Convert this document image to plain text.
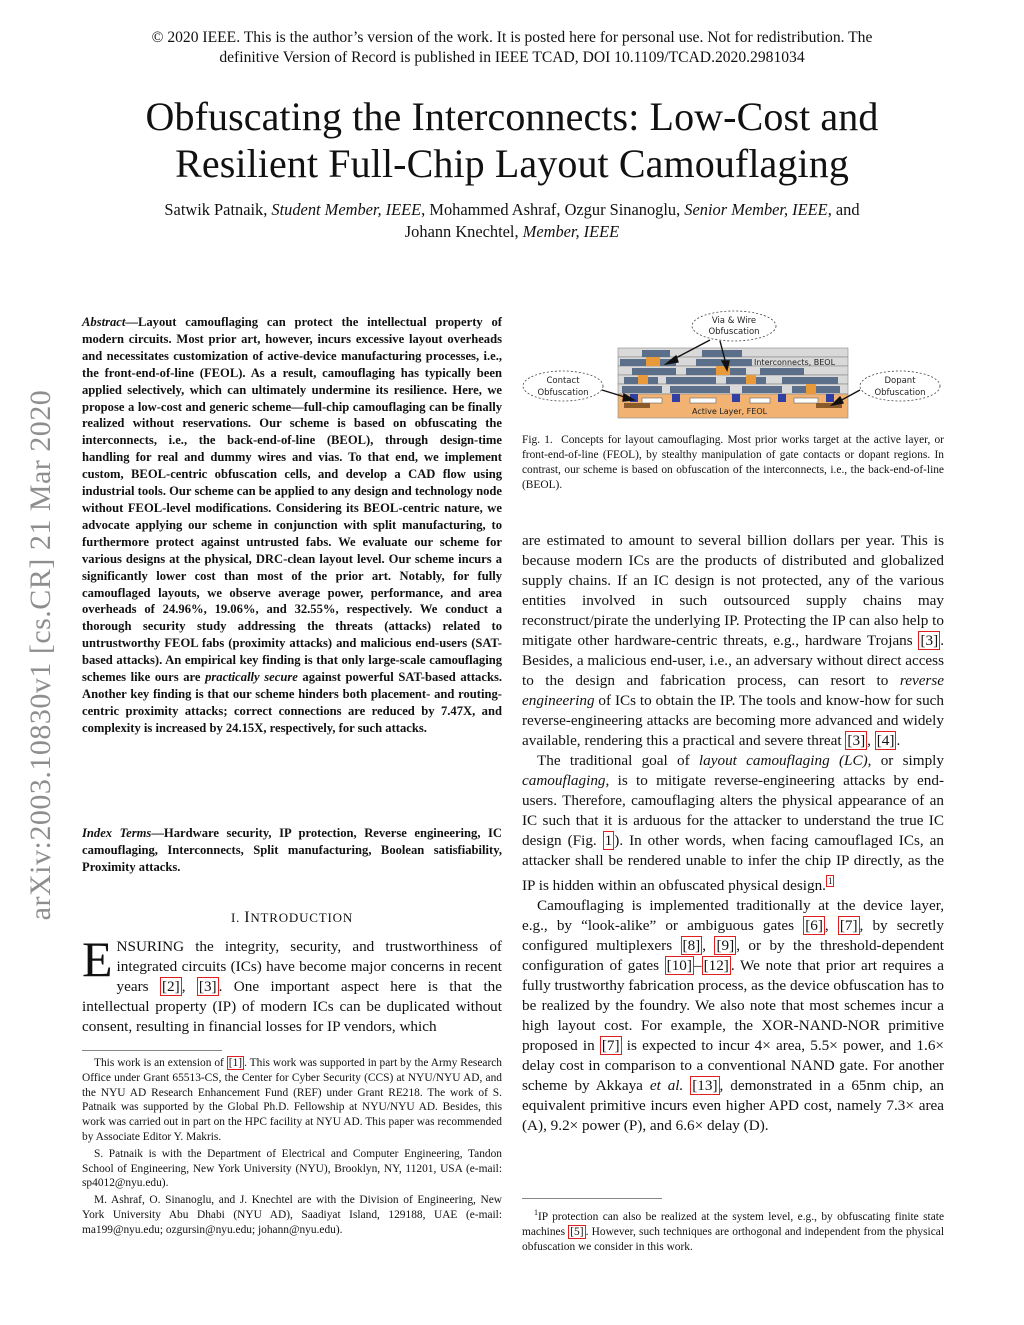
© 2020 IEEE. This is the author’s version of the work. It is posted here for personal use. Not for redistribution. The
definitive Version of Record is published in IEEE TCAD, DOI 10.1109/TCAD.2020.2981034
Obfuscating the Interconnects: Low-Cost and
Resilient Full-Chip Layout Camouflaging
Satwik Patnaik, Student Member, IEEE, Mohammed Ashraf, Ozgur Sinanoglu, Senior Member, IEEE, and
Johann Knechtel, Member, IEEE
arXiv:2003.10830v1 [cs.CR] 21 Mar 2020
Abstract—Layout camouflaging can protect the intellectual property of modern circuits. Most prior art, however, incurs excessive layout overheads and necessitates customization of active-device manufacturing processes, i.e., the front-end-of-line (FEOL). As a result, camouflaging has typically been applied selectively, which can ultimately undermine its resilience. Here, we propose a low-cost and generic scheme—full-chip camouflaging can be finally realized without reservations. Our scheme is based on obfuscating the interconnects, i.e., the back-end-of-line (BEOL), through design-time handling for real and dummy wires and vias. To that end, we implement custom, BEOL-centric obfuscation cells, and develop a CAD flow using industrial tools. Our scheme can be applied to any design and technology node without FEOL-level modifications. Considering its BEOL-centric nature, we advocate applying our scheme in conjunction with split manufacturing, to furthermore protect against untrusted fabs. We evaluate our scheme for various designs at the physical, DRC-clean layout level. Our scheme incurs a significantly lower cost than most of the prior art. Notably, for fully camouflaged layouts, we observe average power, performance, and area overheads of 24.96%, 19.06%, and 32.55%, respectively. We conduct a thorough security study addressing the threats (attacks) related to untrustworthy FEOL fabs (proximity attacks) and malicious end-users (SAT-based attacks). An empirical key finding is that only large-scale camouflaging schemes like ours are practically secure against powerful SAT-based attacks. Another key finding is that our scheme hinders both placement- and routing-centric proximity attacks; correct connections are reduced by 7.47X, and complexity is increased by 24.15X, respectively, for such attacks.
Index Terms—Hardware security, IP protection, Reverse engineering, IC camouflaging, Interconnects, Split manufacturing, Boolean satisfiability, Proximity attacks.
I. INTRODUCTION
ENSURING the integrity, security, and trustworthiness of integrated circuits (ICs) have become major concerns in recent years [2] , [3] . One important aspect here is that the intellectual property (IP) of modern ICs can be duplicated without consent, resulting in financial losses for IP vendors, which

This work is an extension of [1] . This work was supported in part by the Army Research Office under Grant 65513-CS, the Center for Cyber Security (CCS) at NYU/NYU AD, and the NYU AD Research Enhancement Fund (REF) under Grant RE218. The work of S. Patnaik was supported by the Global Ph.D. Fellowship at NYU/NYU AD. Besides, this work was carried out in part on the HPC facility at NYU AD. This paper was recommended by Associate Editor Y. Makris.

S. Patnaik is with the Department of Electrical and Computer Engineering, Tandon School of Engineering, New York University (NYU), Brooklyn, NY, 11201, USA (e-mail: sp4012@nyu.edu).

M. Ashraf, O. Sinanoglu, and J. Knechtel are with the Division of Engineering, New York University Abu Dhabi (NYU AD), Saadiyat Island, 129188, UAE (e-mail: ma199@nyu.edu; ozgursin@nyu.edu; johann@nyu.edu).

Interconnects, BEOL
Active Layer, FEOL
Via & Wire
Obfuscation
Contact
Obfuscation
Dopant
Obfuscation
Fig. 1. Concepts for layout camouflaging. Most prior works target at the active layer, or front-end-of-line (FEOL), by stealthy manipulation of gate contacts or dopant regions. In contrast, our scheme is based on obfuscation of the interconnects, i.e., the back-end-of-line (BEOL).

are estimated to amount to several billion dollars per year. This is because modern ICs are the products of distributed and globalized supply chains. If an IC design is not protected, any of the various entities involved in such outsourced supply chains may reconstruct/pirate the underlying IP. Protecting the IP can also help to mitigate other hardware-centric threats, e.g., hardware Trojans [3] . Besides, a malicious end-user, i.e., an adversary without direct access to the design and fabrication process, can resort to reverse engineering of ICs to obtain the IP. The tools and know-how for such reverse-engineering attacks are becoming more advanced and widely available, rendering this a practical and severe threat [3] , [4] .

The traditional goal of layout camouflaging (LC), or simply camouflaging, is to mitigate reverse-engineering attacks by end-users. Therefore, camouflaging alters the physical appearance of an IC such that it is arduous for the attacker to understand the true IC design (Fig. 1 ). In other words, when facing camouflaged ICs, an attacker shall be rendered unable to infer the chip IP directly, as the IP is hidden within an obfuscated physical design. $^1$

Camouflaging is implemented traditionally at the device layer, e.g., by “look-alike” or ambiguous gates [6] , [7] , by secretly configured multiplexers [8] , [9] , or by the threshold-dependent configuration of gates [10] – [12] . We note that prior art requires a fully trustworthy fabrication process, as the device obfuscation has to be realized by the foundry. We also note that most schemes incur a high layout cost. For example, the XOR-NAND-NOR primitive proposed in [7] is expected to incur 4× area, 5.5× power, and 1.6× delay cost in comparison to a conventional NAND gate. For another scheme by Akkaya et al. [13] , demonstrated in a 65nm chip, an equivalent primitive incurs even higher APD cost, namely 7.3× area (A), 9.2× power (P), and 6.6× delay (D).

$^1$IP protection can also be realized at the system level, e.g., by obfuscating finite state machines [5] . However, such techniques are orthogonal and independent from the physical obfuscation we consider in this work.
